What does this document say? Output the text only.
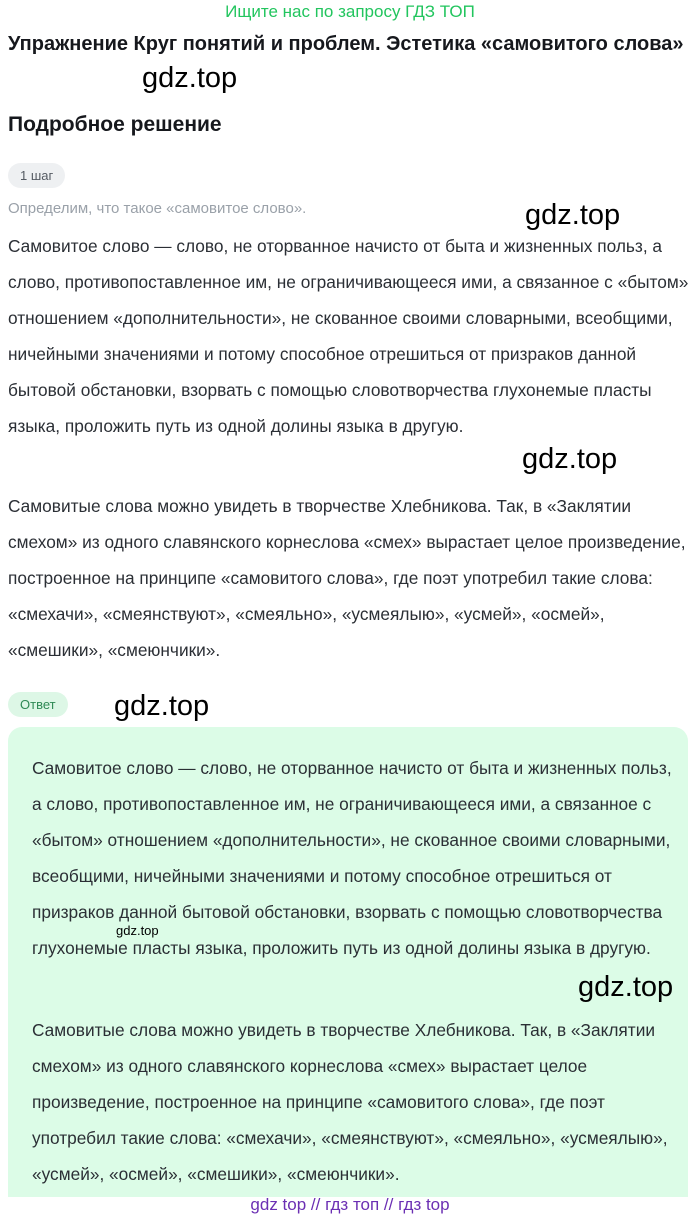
Ищите нас по запросу ГДЗ ТОП
Упражнение Круг понятий и проблем. Эстетика «самовитого слова»
gdz.top
Подробное решение
1 шаг
Определим, что такое «самовитое слово».	gdz.top

Самовитое слово — слово, не оторванное начисто от быта и жизненных польз, а слово, противопоставленное им, не ограничивающееся ими, а связанное с «бытом» отношением «дополнительности», не скованное своими словарными, всеобщими, ничейными значениями и потому способное отрешиться от призраков данной бытовой обстановки, взорвать с помощью словотворчества глухонемые пласты языка, проложить путь из одной долины языка в другую.

gdz.top

Самовитые слова можно увидеть в творчестве Хлебникова. Так, в «Заклятии смехом» из одного славянского корнеслова «смех» вырастает целое произведение, построенное на принципе «самовитого слова», где поэт употребил такие слова: «смехачи», «смеянствуют», «смеяльно», «усмеялыю», «усмей», «осмей», «смешики», «смеюнчики».

Ответ	gdz.top

Самовитое слово — слово, не оторванное начисто от быта и жизненных польз, а слово, противопоставленное им, не ограничивающееся ими, а связанное с «бытом» отношением «дополнительности», не скованное своими словарными, всеобщими, ничейными значениями и потому способное отрешиться от призраков данной бытовой обстановки, взорвать с помощью словотворчества глухонемые пласты языка, проложить путь из одной долины языка в другую.

gdz.top
gdz.top

Самовитые слова можно увидеть в творчестве Хлебникова. Так, в «Заклятии смехом» из одного славянского корнеслова «смех» вырастает целое произведение, построенное на принципе «самовитого слова», где поэт употребил такие слова: «смехачи», «смеянствуют», «смеяльно», «усмеялыю», «усмей», «осмей», «смешики», «смеюнчики».

gdz top // гдз топ // гдз top
